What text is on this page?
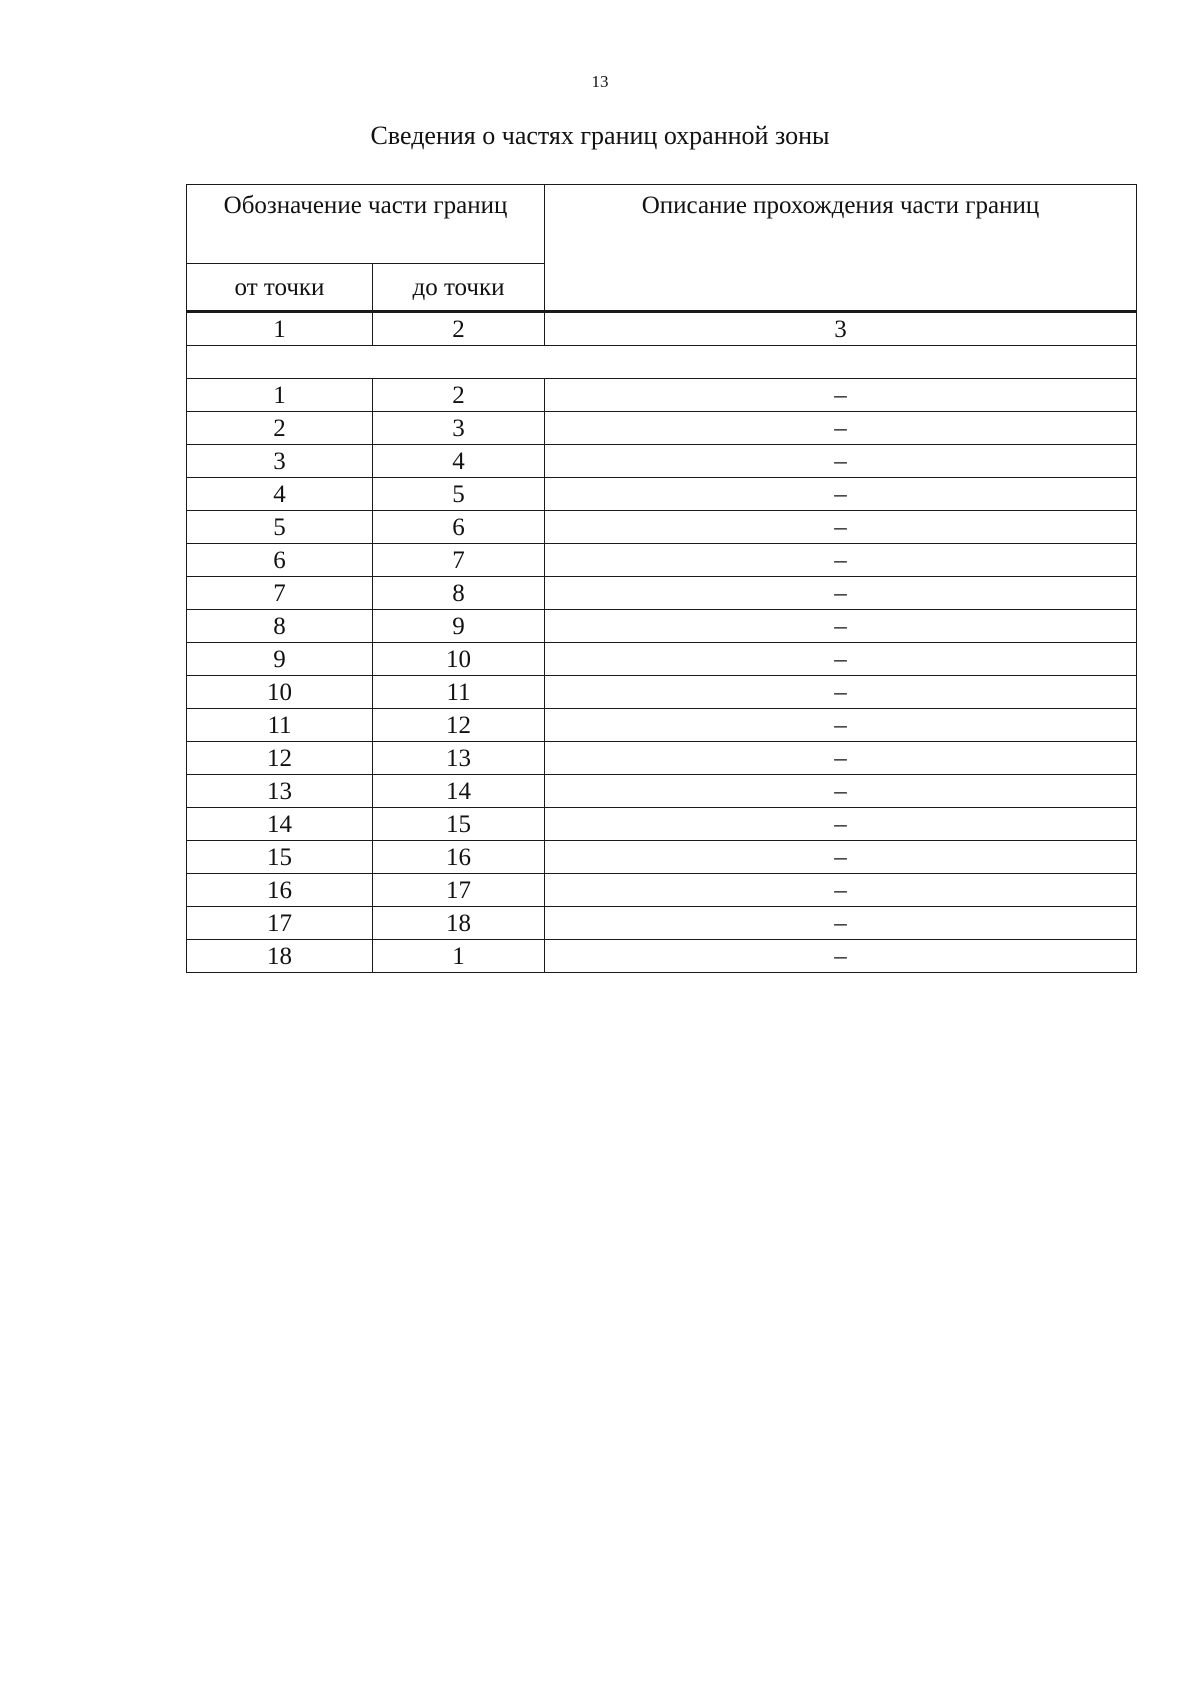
13
Сведения о частях границ охранной зоны
Обозначение части границ		Описание прохождения части границ
от точки	до точки	
1	2	3

1	2	–
2	3	–
3	4	–
4	5	–
5	6	–
6	7	–
7	8	–
8	9	–
9	10	–
10	11	–
11	12	–
12	13	–
13	14	–
14	15	–
15	16	–
16	17	–
17	18	–
18	1	–
